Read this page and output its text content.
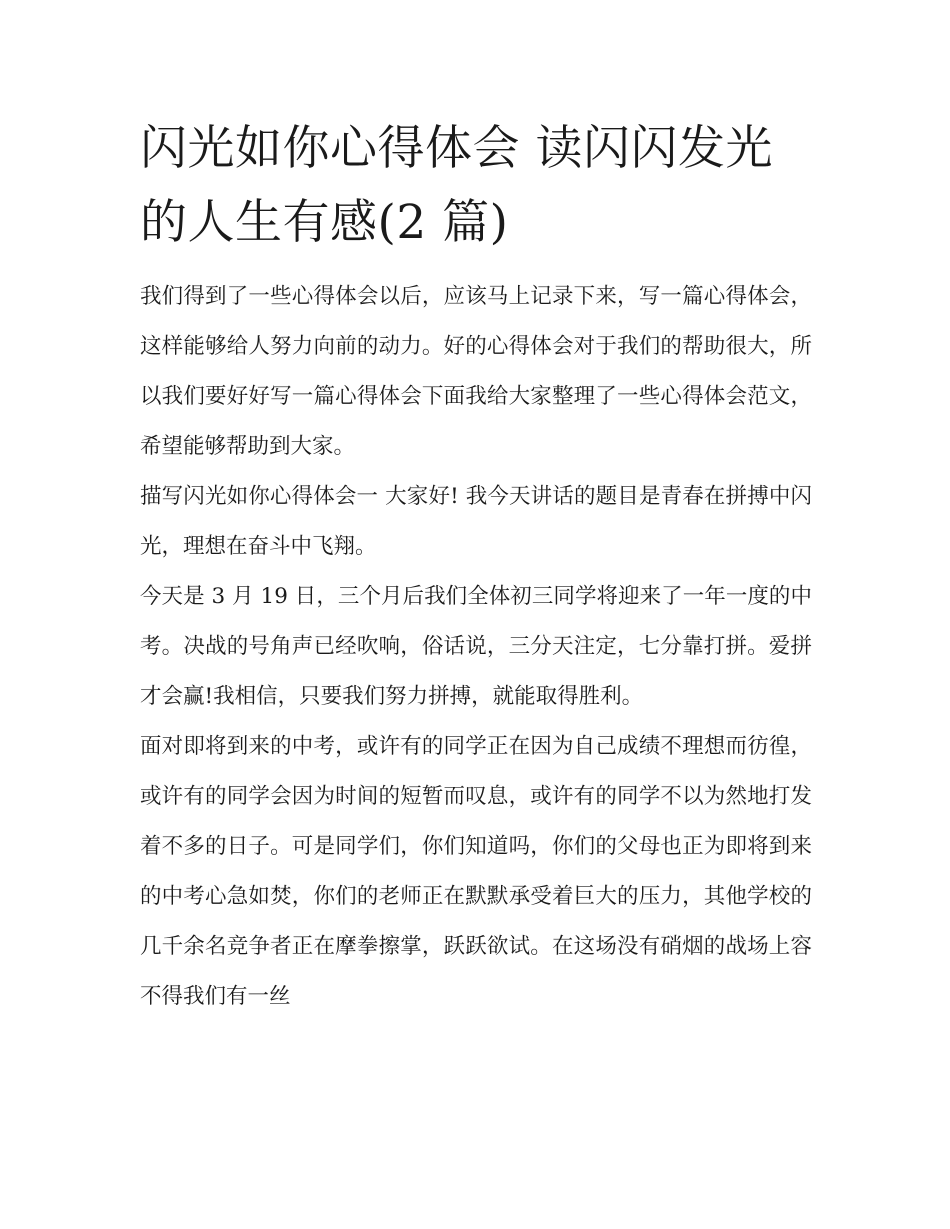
闪光如你心得体会 读闪闪发光的人生有感(2 篇)

我们得到了一些心得体会以后，应该马上记录下来，写一篇心得体会，这样能够给人努力向前的动力。好的心得体会对于我们的帮助很大，所以我们要好好写一篇心得体会下面我给大家整理了一些心得体会范文，希望能够帮助到大家。

描写闪光如你心得体会一 大家好! 我今天讲话的题目是青春在拼搏中闪光，理想在奋斗中飞翔。

今天是 3 月 19 日，三个月后我们全体初三同学将迎来了一年一度的中考。决战的号角声已经吹响，俗话说，三分天注定，七分靠打拼。爱拼才会赢!我相信，只要我们努力拼搏，就能取得胜利。

面对即将到来的中考，或许有的同学正在因为自己成绩不理想而彷徨，或许有的同学会因为时间的短暂而叹息，或许有的同学不以为然地打发着不多的日子。可是同学们，你们知道吗，你们的父母也正为即将到来的中考心急如焚，你们的老师正在默默承受着巨大的压力，其他学校的几千余名竞争者正在摩拳擦掌，跃跃欲试。在这场没有硝烟的战场上容不得我们有一丝
